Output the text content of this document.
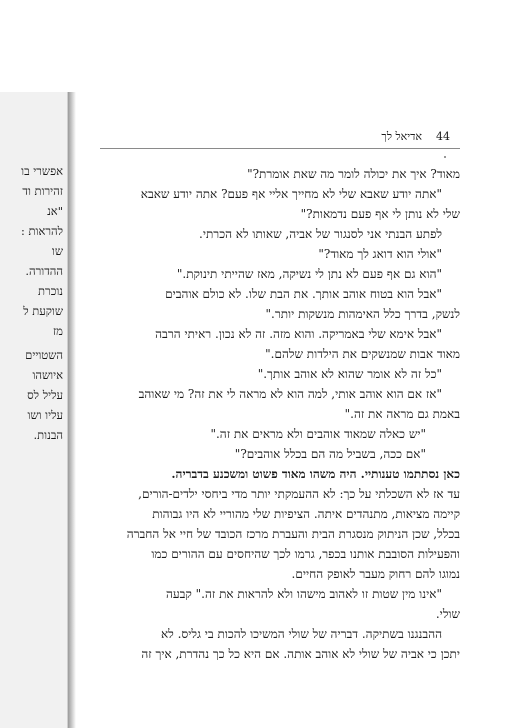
אפשרי בו
זהירות וד
"אנ
להראות :
שו
ההדורה.
נוכרת
שוקעת ל
מז
השטויים
איושהו
עליל לס
עליו ושו
הבנות.
44
אדיאל לך
מאוד? איך את יכולה לומר מה שאת אומרת?"
"אתה יודע שאבא שלי לא מחייך אליי אף פעם? אתה יודע שאבא
שלי לא נותן לי אף פעם נדמאות?"
לפתע הבנתי אני לסנגור של אביה, שאותו לא הכרתי.
"אולי הוא דואג לך מאוד?"
"הוא גם אף פעם לא נתן לי נשיקה, מאז שהייתי תינוקת."
"אבל הוא בטוח אוהב אותך. את הבת שלו. לא כולם אוהבים
לנשק, בדרך כלל האימהות מנשקות יותר."
"אבל אימא שלי באמריקה. והוא מזה. זה לא נכון. ראיתי הרבה
מאוד אבות שמנשקים את הילדות שלהם."
"כל זה לא אומר שהוא לא אוהב אותך."
"אז אם הוא אוהב אותי, למה הוא לא מראה לי את זה? מי שאוהב
באמת גם מראה את זה."
"יש כאלה שמאוד אוהבים ולא מראים את זה."
"אם ככה, בשביל מה הם בכלל אוהבים?"
כאן נסתתמו טענותיי. היה משהו מאוד פשוט ומשכנע בדבריה.
עד אז לא השכלתי על כך: לא ההעמקתי יותר מדי ביחסי ילדים-הורים,
קיימה מציאות, מתנהדים איתה. הציפיות שלי מהוריי לא היו גבוהות
בכלל, שכן הניתוק מנסגרת הבית והעברת מרכז הכובד של חיי אל החברה
והפעילות הסובבת אותנו בכפר, גרמו לכך שהיחסים עם ההורים כמו
נמוגו להם רחוק מעבר לאופק החיים.
"אינו מין שטות זו לאהוב מישהו ולא להראות את זה." קבעה
שולי.
ההבנגנו בשתיקה. דבריה של שולי המשיכו להכות בי גליס. לא
יתכן כי אביה של שולי לא אוהב אותה. אם היא כל כך נהדרת, איך זה
